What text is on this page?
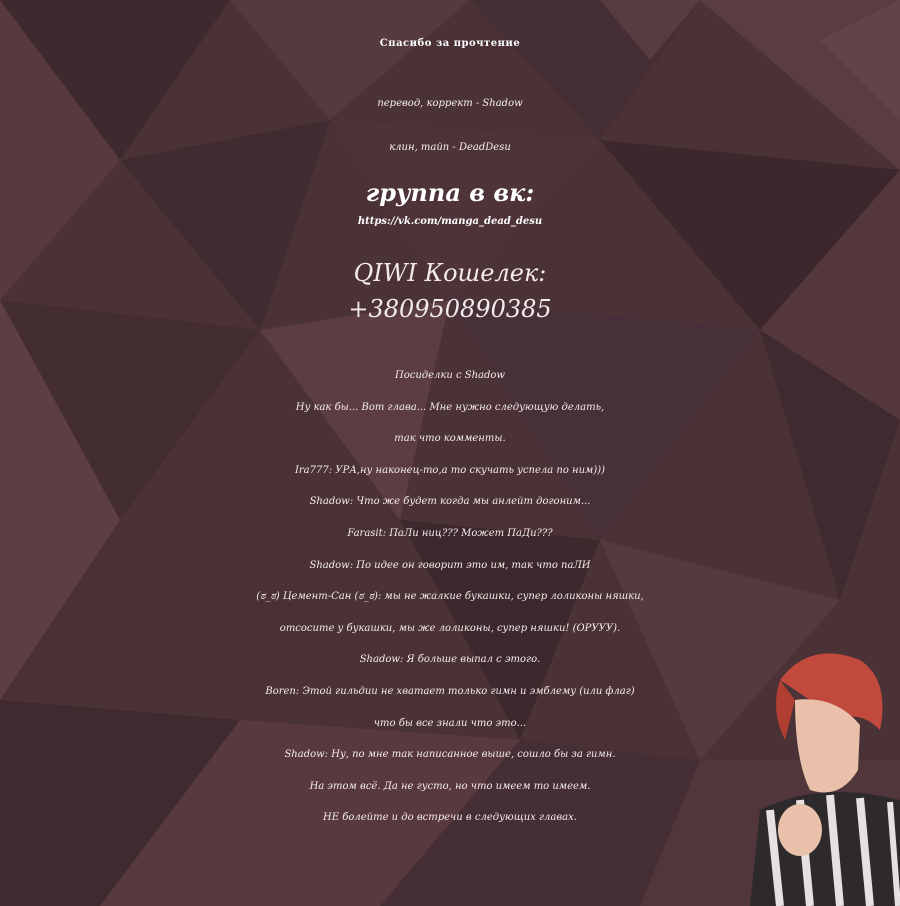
Спасибо за прочтение
перевод, коррект - Shadow
клин, тайп - DeadDesu
группа в вк:
https://vk.com/manga_dead_desu
QIWI Кошелек:
+380950890385
Посиделки с Shadow
Ну как бы... Вот глава... Мне нужно следующую делать,
так что комменты.
Ira777: УРА,ну наконец-то,а то скучать успела по ним)))
Shadow: Что же будет когда мы анлейт догоним...
Farasit: ПаЛи ниц??? Может ПаДи???
Shadow: По идее он говорит это им, так что паЛИ
(ಠ_ಠ) Цемент-Сан (ಠ_ಠ): мы не жалкие букашки, супер лоликоны няшки,
отсосите у букашки, мы же лоликоны, супер няшки! (ОРУУУ).
Shadow: Я больше выпал с этого.
Boren: Этой гильдии не хватает только гимн и эмблему (или флаг)
что бы все знали что это...
Shadow: Ну, по мне так написанное выше, сошло бы за гимн.
На этом всё. Да не густо, но что имеем то имеем.
НЕ болейте и до встречи в следующих главах.
